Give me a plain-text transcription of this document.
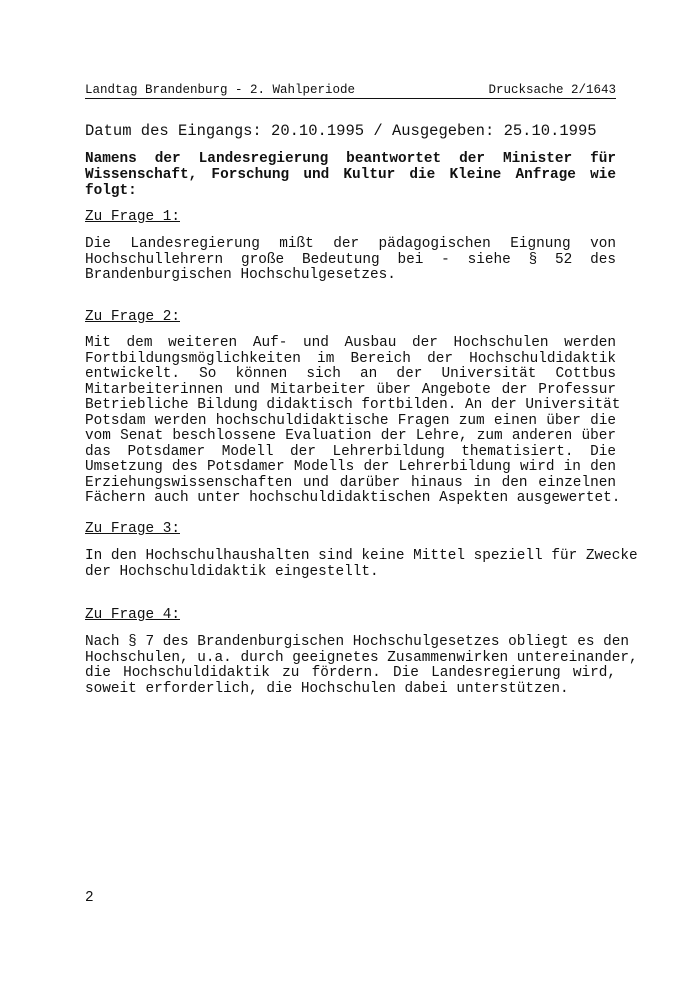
Landtag Brandenburg - 2. Wahlperiode	Drucksache 2/1643
Datum des Eingangs: 20.10.1995 / Ausgegeben: 25.10.1995
Namens der Landesregierung beantwortet der Minister für Wissenschaft, Forschung und Kultur die Kleine Anfrage wie folgt:
Zu Frage 1:
Die Landesregierung mißt der pädagogischen Eignung von
Hochschullehrern große Bedeutung bei - siehe § 52 des
Brandenburgischen Hochschulgesetzes.
Zu Frage 2:
Mit dem weiteren Auf- und Ausbau der Hochschulen werden
Fortbildungsmöglichkeiten im Bereich der Hochschuldidaktik
entwickelt. So können sich an der Universität Cottbus
Mitarbeiterinnen und Mitarbeiter über Angebote der Professur
Betriebliche Bildung didaktisch fortbilden. An der Universität
Potsdam werden hochschuldidaktische Fragen zum einen über die
vom Senat beschlossene Evaluation der Lehre, zum anderen über
das Potsdamer Modell der Lehrerbildung thematisiert. Die
Umsetzung des Potsdamer Modells der Lehrerbildung wird in den
Erziehungswissenschaften und darüber hinaus in den einzelnen
Fächern auch unter hochschuldidaktischen Aspekten ausgewertet.
Zu Frage 3:
In den Hochschulhaushalten sind keine Mittel speziell für Zwecke
der Hochschuldidaktik eingestellt.
Zu Frage 4:
Nach § 7 des Brandenburgischen Hochschulgesetzes obliegt es den
Hochschulen, u.a. durch geeignetes Zusammenwirken untereinander,
die Hochschuldidaktik zu fördern. Die Landesregierung wird,
soweit erforderlich, die Hochschulen dabei unterstützen.
2
